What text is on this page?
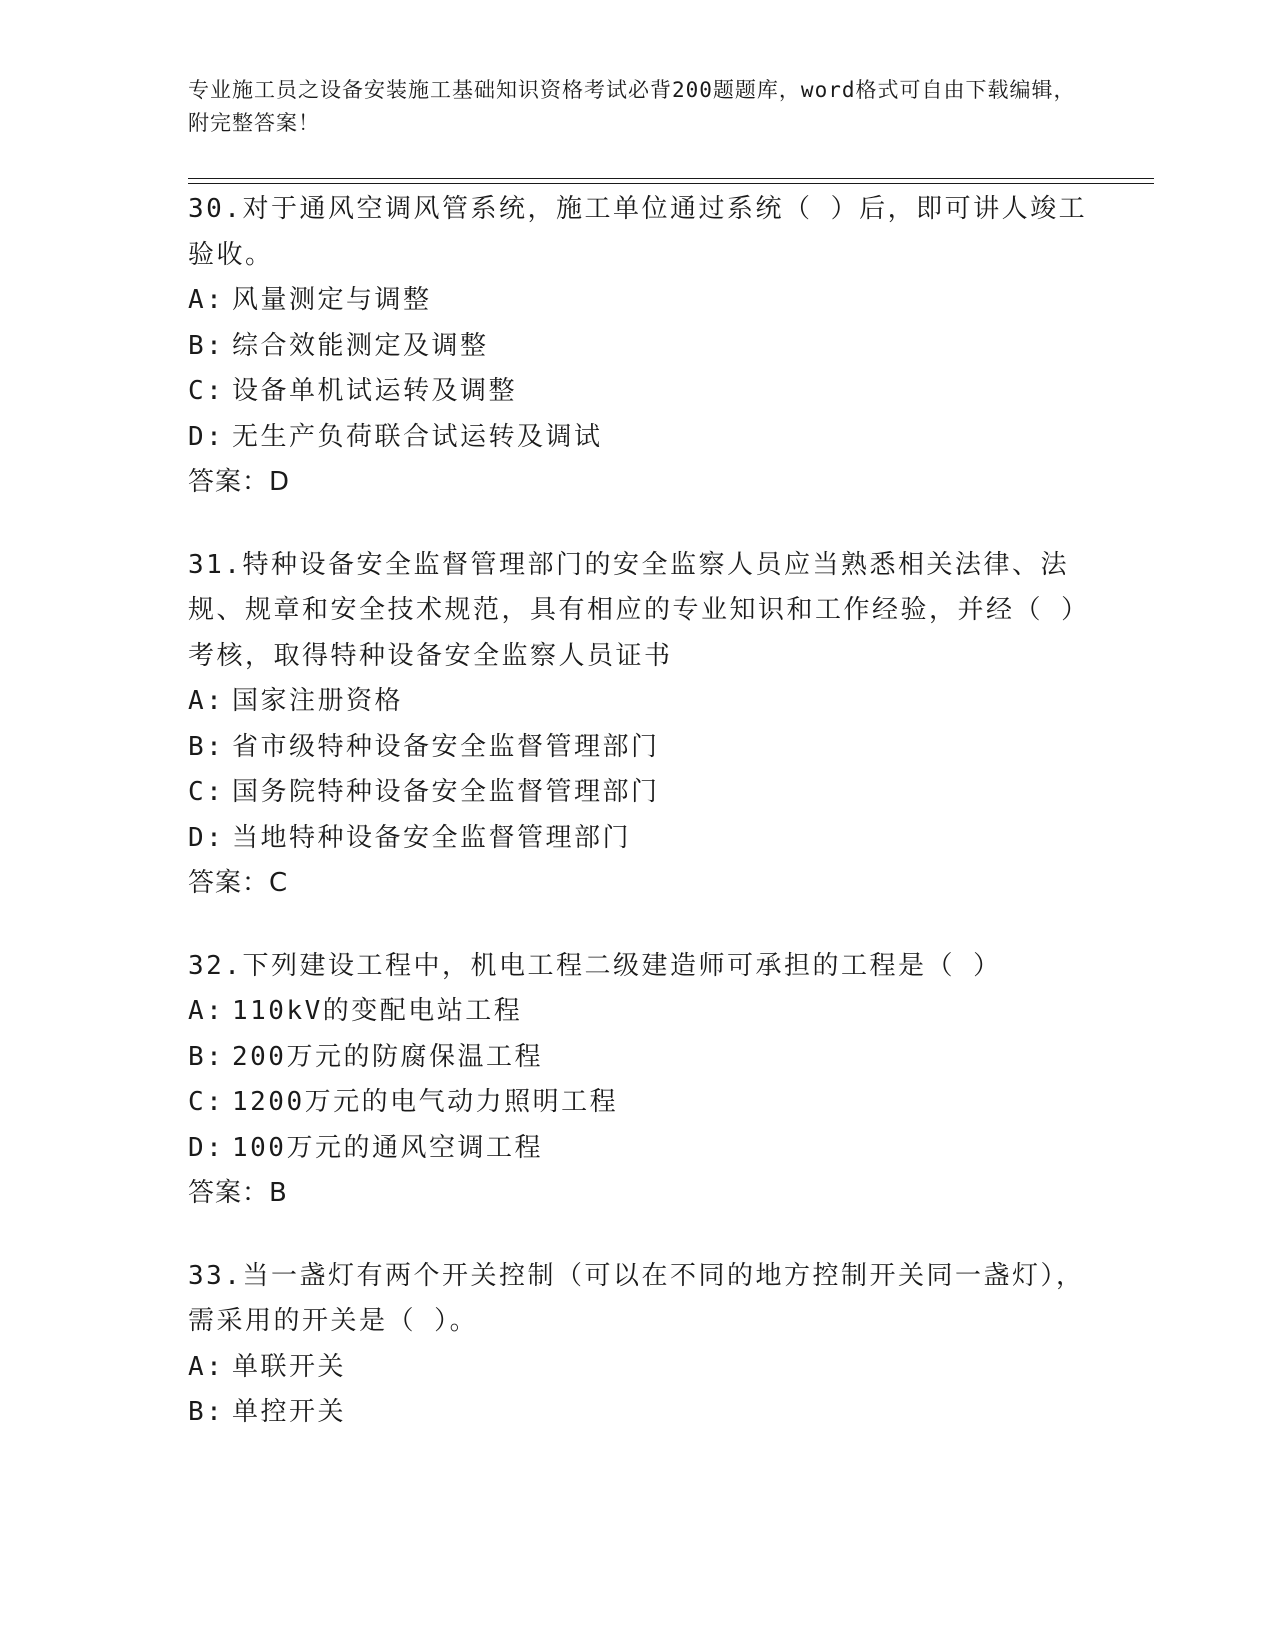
专业施工员之设备安装施工基础知识资格考试必背200题题库，word格式可自由下载编辑，附完整答案！
30.对于通风空调风管系统，施工单位通过系统（ ）后，即可讲人竣工验收。
A: 风量测定与调整
B: 综合效能测定及调整
C: 设备单机试运转及调整
D: 无生产负荷联合试运转及调试
答案：D
31.特种设备安全监督管理部门的安全监察人员应当熟悉相关法律、法规、规章和安全技术规范，具有相应的专业知识和工作经验，并经（ ）考核，取得特种设备安全监察人员证书
A: 国家注册资格
B: 省市级特种设备安全监督管理部门
C: 国务院特种设备安全监督管理部门
D: 当地特种设备安全监督管理部门
答案：C
32.下列建设工程中，机电工程二级建造师可承担的工程是（ ）
A: 110kV的变配电站工程
B: 200万元的防腐保温工程
C: 1200万元的电气动力照明工程
D: 100万元的通风空调工程
答案：B
33.当一盏灯有两个开关控制（可以在不同的地方控制开关同一盏灯），需采用的开关是（ ）。
A: 单联开关
B: 单控开关
